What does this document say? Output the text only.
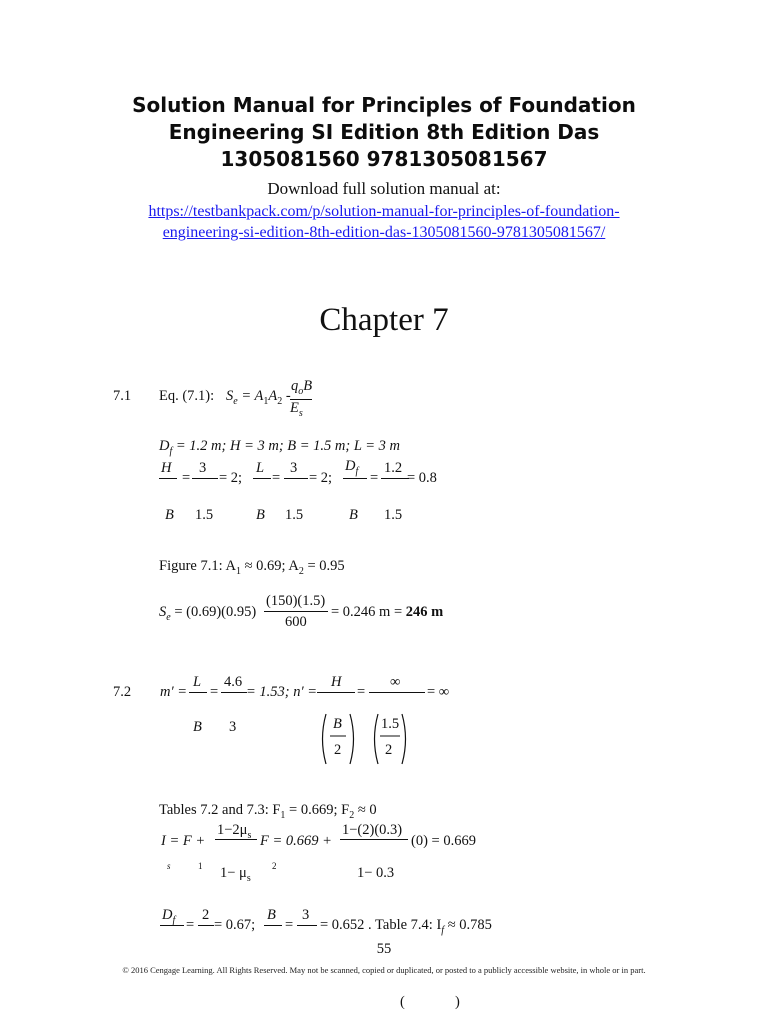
Solution Manual for Principles of Foundation
Engineering SI Edition 8th Edition Das
1305081560 9781305081567
Download full solution manual at:
https://testbankpack.com/p/solution-manual-for-principles-of-foundation-
engineering-si-edition-8th-edition-das-1305081560-9781305081567/
Chapter 7
7.1 Eq. (7.1): $S_e = A_1A_2$ -
$q_oB$
$E_s$
$D_f = 1.2$ m; H = 3 m; B = 1.5 m; L = 3 m
H
=
3
= 2;
L
=
3
= 2;
$D_f$ =
1.2
= 0.8
B 1.5	B 1.5	B 1.5
Figure 7.1: $A_1 \approx 0.69$; $A_2 = 0.95$
$S_e = (0.69)(0.95)$
(150)(1.5)
600
= 0.246 m = 246 m
7.2 m′ =
L
=
4.6
= 1.53; n′ =
H
=
∞
= ∞
B 3	B
2
1.5
2
Tables 7.2 and 7.3: $F_1 = 0.669$; $F_2 \approx 0$
I = F +
$1-2\mu_s$
$1- \mu_s$
F = 0.669 +
1−(2)(0.3)
1− 0.3
(0) = 0.669
s	1	2
$D_f$ =
2
= 0.67;
B
=
3
= 0.652 . Table 7.4: $I_f \approx 0.785$
55
© 2016 Cengage Learning. All Rights Reserved. May not be scanned, copied or duplicated, or posted to a publicly accessible website, in whole or in part.
(	)
